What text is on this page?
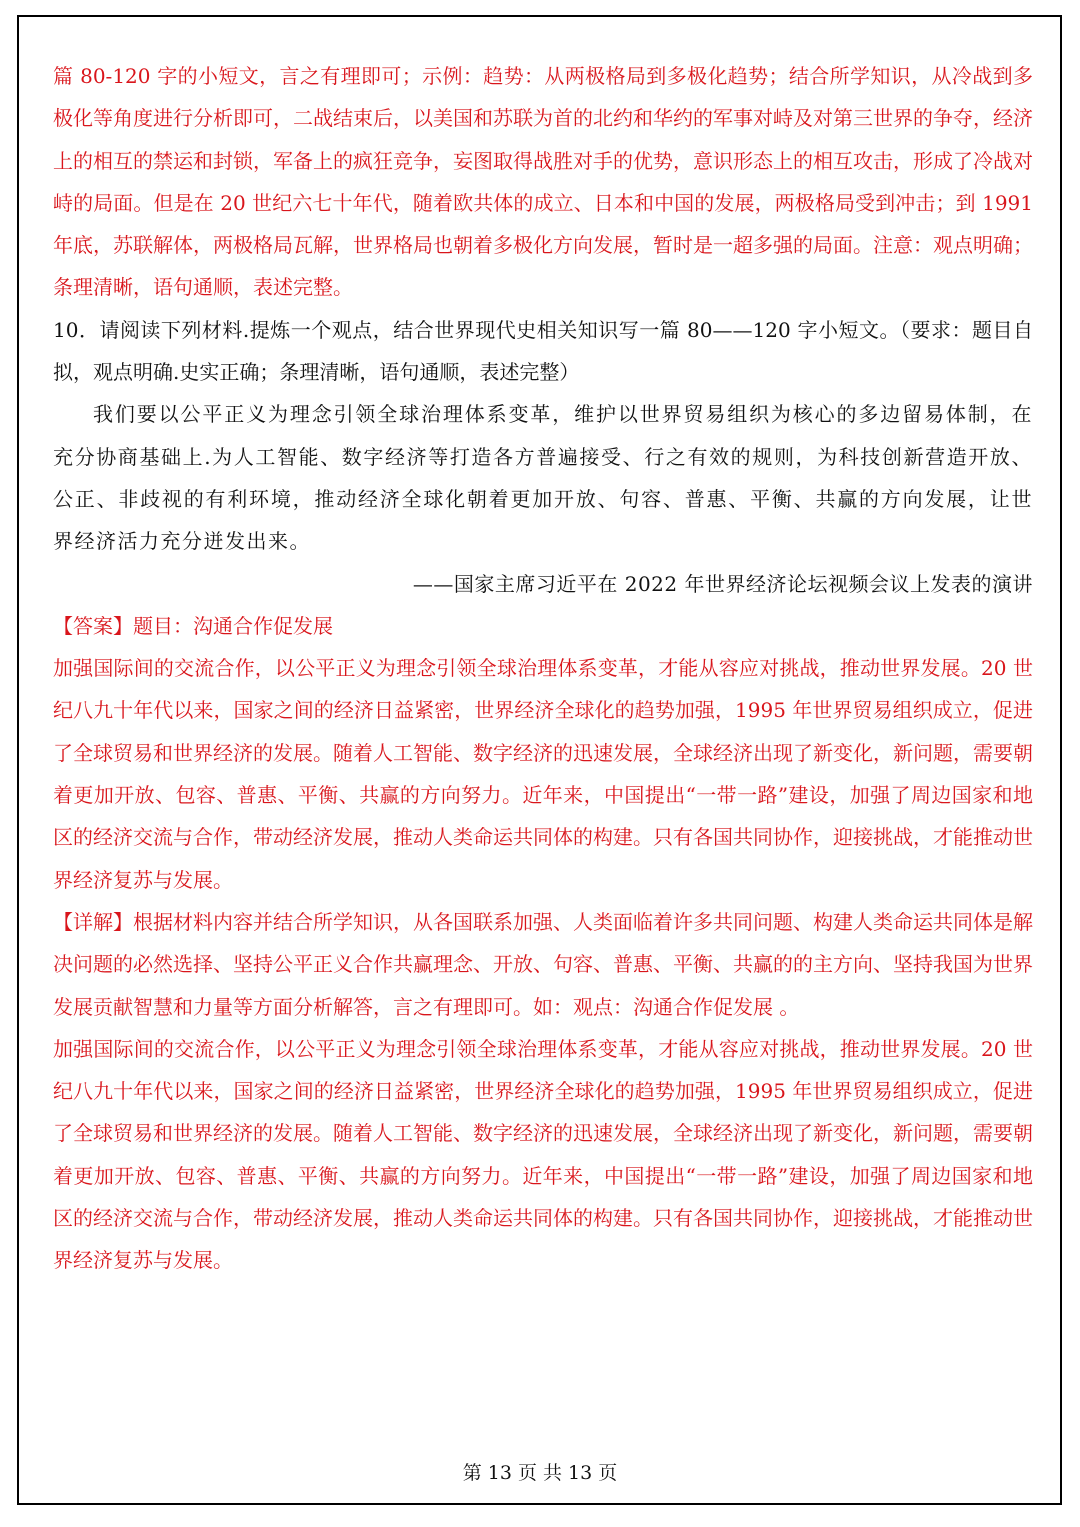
篇 80-120 字的小短文，言之有理即可；示例：趋势：从两极格局到多极化趋势；结合所学知识，从冷战到多极化等角度进行分析即可，二战结束后，以美国和苏联为首的北约和华约的军事对峙及对第三世界的争夺，经济上的相互的禁运和封锁，军备上的疯狂竞争，妄图取得战胜对手的优势，意识形态上的相互攻击，形成了冷战对峙的局面。但是在 20 世纪六七十年代，随着欧共体的成立、日本和中国的发展，两极格局受到冲击；到 1991 年底，苏联解体，两极格局瓦解，世界格局也朝着多极化方向发展，暂时是一超多强的局面。注意：观点明确；条理清晰，语句通顺，表述完整。

10．请阅读下列材料.提炼一个观点，结合世界现代史相关知识写一篇 80——120 字小短文。（要求：题目自拟，观点明确.史实正确；条理清晰，语句通顺，表述完整）

我们要以公平正义为理念引领全球治理体系变革，维护以世界贸易组织为核心的多边留易体制，在充分协商基础上.为人工智能、数字经济等打造各方普遍接受、行之有效的规则，为科技创新营造开放、公正、非歧视的有利环境，推动经济全球化朝着更加开放、句容、普惠、平衡、共赢的方向发展，让世界经济活力充分迸发出来。

——国家主席习近平在 2022 年世界经济论坛视频会议上发表的演讲

【答案】题目：沟通合作促发展

加强国际间的交流合作，以公平正义为理念引领全球治理体系变革，才能从容应对挑战，推动世界发展。20 世纪八九十年代以来，国家之间的经济日益紧密，世界经济全球化的趋势加强，1995 年世界贸易组织成立，促进了全球贸易和世界经济的发展。随着人工智能、数字经济的迅速发展，全球经济出现了新变化，新问题，需要朝着更加开放、包容、普惠、平衡、共赢的方向努力。近年来，中国提出“一带一路”建设，加强了周边国家和地区的经济交流与合作，带动经济发展，推动人类命运共同体的构建。只有各国共同协作，迎接挑战，才能推动世界经济复苏与发展。

【详解】根据材料内容并结合所学知识，从各国联系加强、人类面临着许多共同问题、构建人类命运共同体是解决问题的必然选择、坚持公平正义合作共赢理念、开放、句容、普惠、平衡、共赢的的主方向、坚持我国为世界发展贡献智慧和力量等方面分析解答，言之有理即可。如：观点：沟通合作促发展 。

加强国际间的交流合作，以公平正义为理念引领全球治理体系变革，才能从容应对挑战，推动世界发展。20 世纪八九十年代以来，国家之间的经济日益紧密，世界经济全球化的趋势加强，1995 年世界贸易组织成立，促进了全球贸易和世界经济的发展。随着人工智能、数字经济的迅速发展，全球经济出现了新变化，新问题，需要朝着更加开放、包容、普惠、平衡、共赢的方向努力。近年来，中国提出“一带一路”建设，加强了周边国家和地区的经济交流与合作，带动经济发展，推动人类命运共同体的构建。只有各国共同协作，迎接挑战，才能推动世界经济复苏与发展。

第 13 页 共 13 页
